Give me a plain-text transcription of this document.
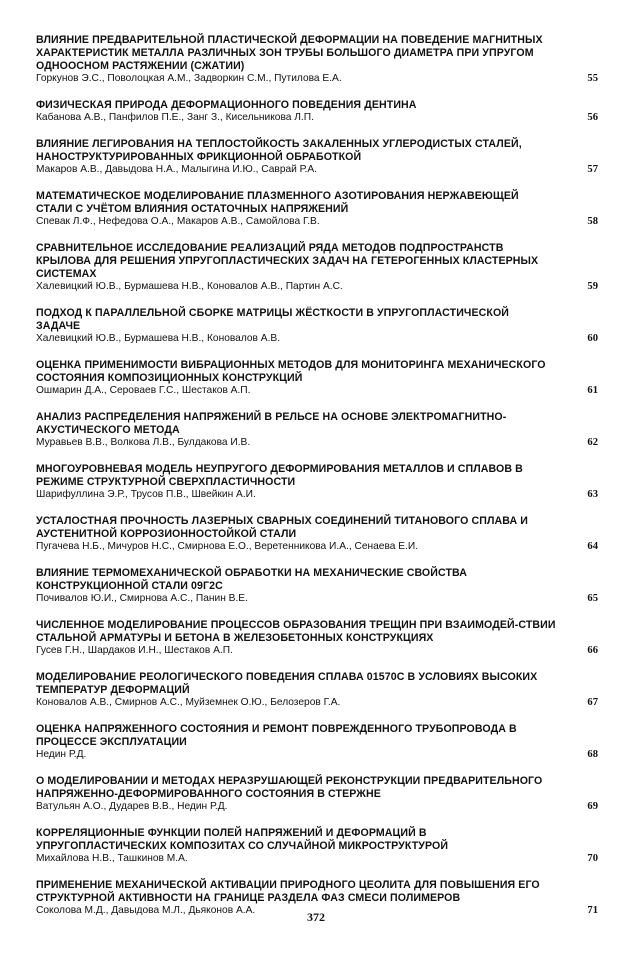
ВЛИЯНИЕ ПРЕДВАРИТЕЛЬНОЙ ПЛАСТИЧЕСКОЙ ДЕФОРМАЦИИ НА ПОВЕДЕНИЕ МАГНИТНЫХ ХАРАКТЕРИСТИК МЕТАЛЛА РАЗЛИЧНЫХ ЗОН ТРУБЫ БОЛЬШОГО ДИАМЕТРА ПРИ УПРУГОМ ОДНООСНОМ РАСТЯЖЕНИИ (СЖАТИИ)
Горкунов Э.С., Поволоцкая А.М., Задворкин С.М., Путилова Е.А.	55
ФИЗИЧЕСКАЯ ПРИРОДА ДЕФОРМАЦИОННОГО ПОВЕДЕНИЯ ДЕНТИНА
Кабанова А.В., Панфилов П.Е., Занг З., Кисельникова Л.П.	56
ВЛИЯНИЕ ЛЕГИРОВАНИЯ НА ТЕПЛОСТОЙКОСТЬ ЗАКАЛЕННЫХ УГЛЕРОДИСТЫХ СТАЛЕЙ, НАНОСТРУКТУРИРОВАННЫХ ФРИКЦИОННОЙ ОБРАБОТКОЙ
Макаров А.В., Давыдова Н.А., Малыгина И.Ю., Саврай Р.А.	57
МАТЕМАТИЧЕСКОЕ МОДЕЛИРОВАНИЕ ПЛАЗМЕННОГО АЗОТИРОВАНИЯ НЕРЖАВЕЮЩЕЙ СТАЛИ С УЧЁТОМ ВЛИЯНИЯ ОСТАТОЧНЫХ НАПРЯЖЕНИЙ
Спевак Л.Ф., Нефедова О.А., Макаров А.В., Самойлова Г.В.	58
СРАВНИТЕЛЬНОЕ ИССЛЕДОВАНИЕ РЕАЛИЗАЦИЙ РЯДА МЕТОДОВ ПОДПРОСТРАНСТВ КРЫЛОВА ДЛЯ РЕШЕНИЯ УПРУГОПЛАСТИЧЕСКИХ ЗАДАЧ НА ГЕТЕРОГЕННЫХ КЛАСТЕРНЫХ СИСТЕМАХ
Халевицкий Ю.В., Бурмашева Н.В., Коновалов А.В., Партин А.С.	59
ПОДХОД К ПАРАЛЛЕЛЬНОЙ СБОРКЕ МАТРИЦЫ ЖЁСТКОСТИ В УПРУГОПЛАСТИЧЕСКОЙ ЗАДАЧЕ
Халевицкий Ю.В., Бурмашева Н.В., Коновалов А.В.	60
ОЦЕНКА ПРИМЕНИМОСТИ ВИБРАЦИОННЫХ МЕТОДОВ ДЛЯ МОНИТОРИНГА МЕХАНИЧЕСКОГО СОСТОЯНИЯ КОМПОЗИЦИОННЫХ КОНСТРУКЦИЙ
Ошмарин Д.А., Серовaeв Г.С., Шестаков А.П.	61
АНАЛИЗ РАСПРЕДЕЛЕНИЯ НАПРЯЖЕНИЙ В РЕЛЬСЕ НА ОСНОВЕ ЭЛЕКТРОМАГНИТНО-АКУСТИЧЕСКОГО МЕТОДА
Муравьев В.В., Волкова Л.В., Булдакова И.В.	62
МНОГОУРОВНЕВАЯ МОДЕЛЬ НЕУПРУГОГО ДЕФОРМИРОВАНИЯ МЕТАЛЛОВ И СПЛАВОВ В РЕЖИМЕ СТРУКТУРНОЙ СВЕРХПЛАСТИЧНОСТИ
Шарифуллина Э.Р., Трусов П.В., Швейкин А.И.	63
УСТАЛОСТНАЯ ПРОЧНОСТЬ ЛАЗЕРНЫХ СВАРНЫХ СОЕДИНЕНИЙ ТИТАНОВОГО СПЛАВА И АУСТЕНИТНОЙ КОРРОЗИОННОСТОЙКОЙ СТАЛИ
Пугачева Н.Б., Мичуров Н.С., Смирнова Е.О., Веретенникова И.А., Сенаева Е.И.	64
ВЛИЯНИЕ ТЕРМОМЕХАНИЧЕСКОЙ ОБРАБОТКИ НА МЕХАНИЧЕСКИЕ СВОЙСТВА КОНСТРУКЦИОННОЙ СТАЛИ 09Г2С
Почивалов Ю.И., Смирнова А.С., Панин В.Е.	65
ЧИСЛЕННОЕ МОДЕЛИРОВАНИЕ ПРОЦЕССОВ ОБРАЗОВАНИЯ ТРЕЩИН ПРИ ВЗАИМОДЕЙ-СТВИИ СТАЛЬНОЙ АРМАТУРЫ И БЕТОНА В ЖЕЛЕЗОБЕТОННЫХ КОНСТРУКЦИЯХ
Гусев Г.Н., Шардаков И.Н., Шестаков А.П.	66
МОДЕЛИРОВАНИЕ РЕОЛОГИЧЕСКОГО ПОВЕДЕНИЯ СПЛАВА 01570С В УСЛОВИЯХ ВЫСОКИХ ТЕМПЕРАТУР ДЕФОРМАЦИЙ
Коновалов А.В., Смирнов А.С., Муйземнек О.Ю., Белозеров Г.А.	67
ОЦЕНКА НАПРЯЖЕННОГО СОСТОЯНИЯ И РЕМОНТ ПОВРЕЖДЕННОГО ТРУБОПРОВОДА В ПРОЦЕССЕ ЭКСПЛУАТАЦИИ
Недин Р.Д.	68
О МОДЕЛИРОВАНИИ И МЕТОДАХ НЕРАЗРУШАЮЩЕЙ РЕКОНСТРУКЦИИ ПРЕДВАРИТЕЛЬНОГО НАПРЯЖЕННО-ДЕФОРМИРОВАННОГО СОСТОЯНИЯ В СТЕРЖНЕ
Ватульян А.О., Дударев В.В., Недин Р.Д.	69
КОРРЕЛЯЦИОННЫЕ ФУНКЦИИ ПОЛЕЙ НАПРЯЖЕНИЙ И ДЕФОРМАЦИЙ В УПРУГОПЛАСТИЧЕСКИХ КОМПОЗИТАХ СО СЛУЧАЙНОЙ МИКРОСТРУКТУРОЙ
Михайлова Н.В., Ташкинов М.А.	70
ПРИМЕНЕНИЕ МЕХАНИЧЕСКОЙ АКТИВАЦИИ ПРИРОДНОГО ЦЕОЛИТА ДЛЯ ПОВЫШЕНИЯ ЕГО СТРУКТУРНОЙ АКТИВНОСТИ НА ГРАНИЦЕ РАЗДЕЛА ФАЗ СМЕСИ ПОЛИМЕРОВ
Соколова М.Д., Давыдова М.Л., Дьяконов А.А.	71
372
